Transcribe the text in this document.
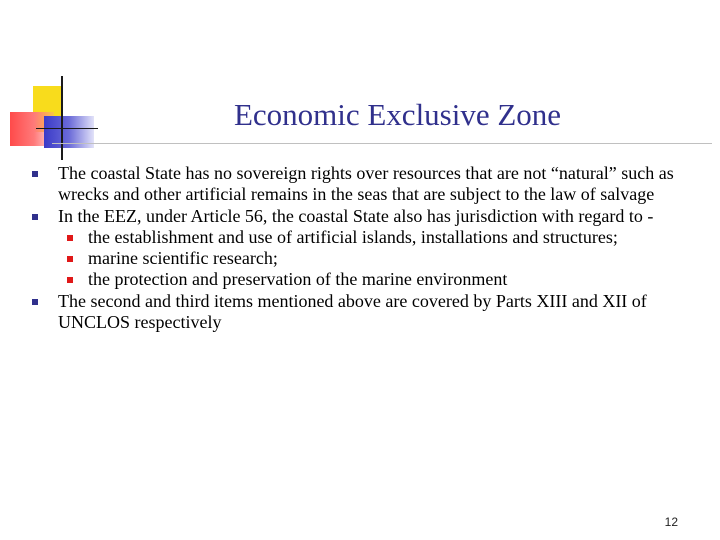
Economic Exclusive Zone
The coastal State has no sovereign rights over resources that are not “natural” such as wrecks and other artificial remains in the seas that are subject to the law of salvage
In the EEZ, under Article 56, the coastal State also has jurisdiction with regard to -
the establishment and use of artificial islands, installations and structures;
marine scientific research;
the protection and preservation of the marine environment
The second and third items mentioned above are covered by Parts XIII and XII of UNCLOS respectively
12
